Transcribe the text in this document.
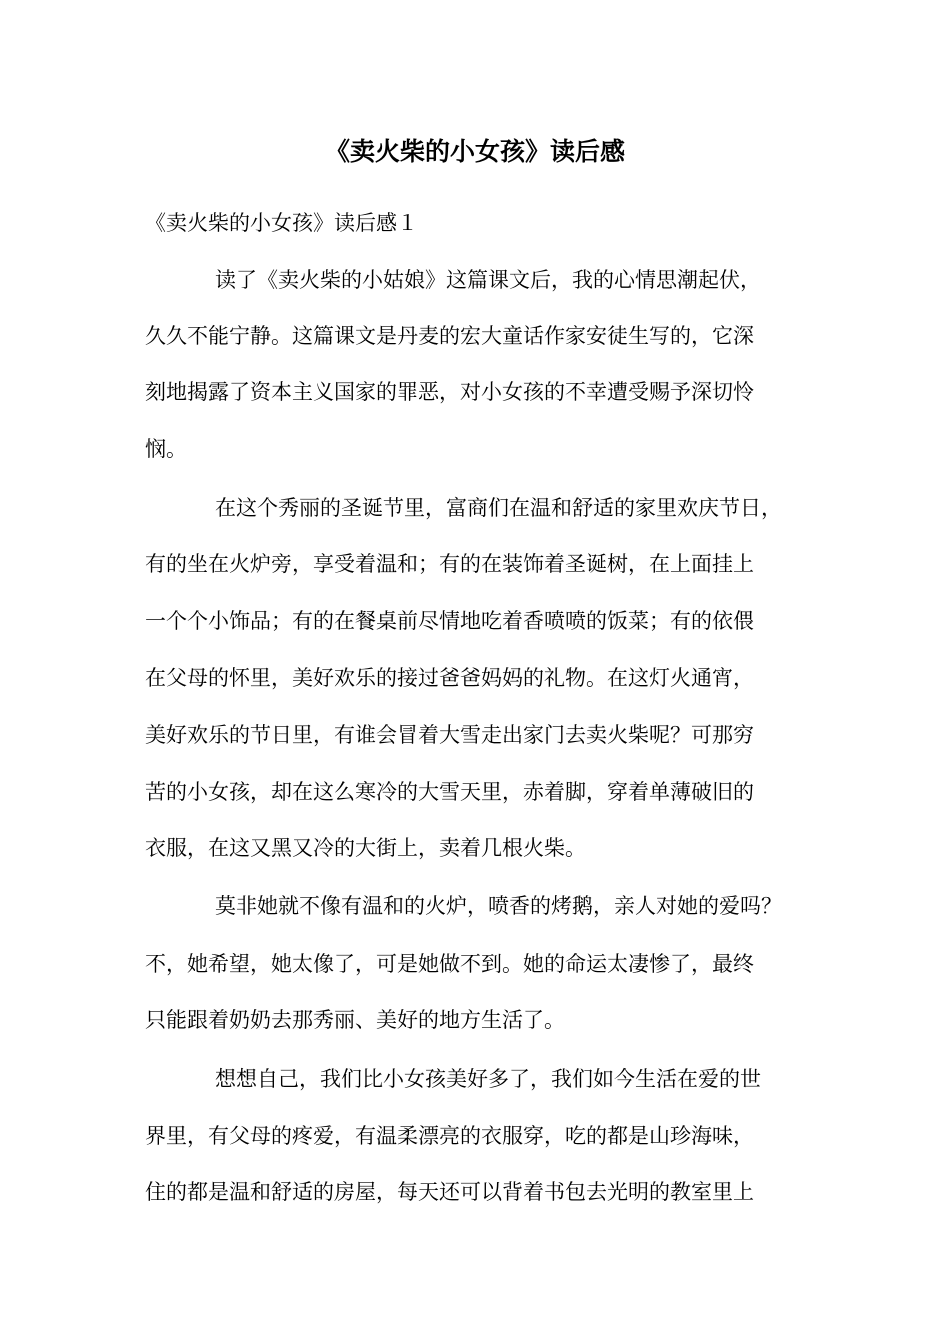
《卖火柴的小女孩》读后感
《卖火柴的小女孩》读后感１
读了《卖火柴的小姑娘》这篇课文后，我的心情思潮起伏，
久久不能宁静。这篇课文是丹麦的宏大童话作家安徒生写的，它深
刻地揭露了资本主义国家的罪恶，对小女孩的不幸遭受赐予深切怜
悯。
在这个秀丽的圣诞节里，富商们在温和舒适的家里欢庆节日，
有的坐在火炉旁，享受着温和；有的在装饰着圣诞树，在上面挂上
一个个小饰品；有的在餐桌前尽情地吃着香喷喷的饭菜；有的依偎
在父母的怀里，美好欢乐的接过爸爸妈妈的礼物。在这灯火通宵，
美好欢乐的节日里，有谁会冒着大雪走出家门去卖火柴呢？可那穷
苦的小女孩，却在这么寒冷的大雪天里，赤着脚，穿着单薄破旧的
衣服，在这又黑又冷的大街上，卖着几根火柴。
莫非她就不像有温和的火炉，喷香的烤鹅，亲人对她的爱吗？
不，她希望，她太像了，可是她做不到。她的命运太凄惨了，最终
只能跟着奶奶去那秀丽、美好的地方生活了。
想想自己，我们比小女孩美好多了，我们如今生活在爱的世
界里，有父母的疼爱，有温柔漂亮的衣服穿，吃的都是山珍海味，
住的都是温和舒适的房屋，每天还可以背着书包去光明的教室里上
